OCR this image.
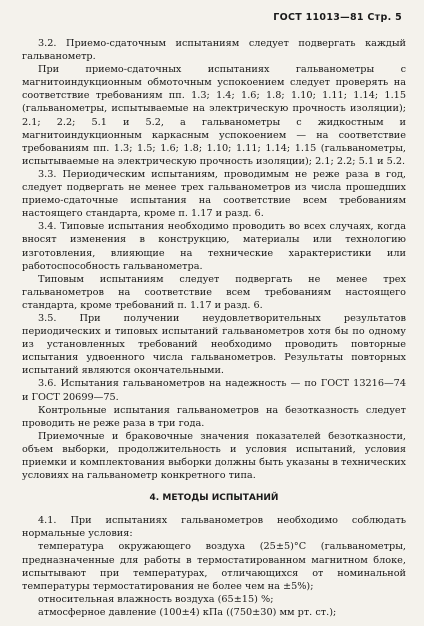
ГОСТ 11013—81 Стр. 5

3.2. Приемо-сдаточным испытаниям следует подвергать каждый гальванометр.

При приемо-сдаточных испытаниях гальванометры с магнитоиндукционным обмоточным успокоением следует проверять на соответствие требованиям пп. 1.3; 1.4; 1.6; 1.8; 1.10; 1.11; 1.14; 1.15 (гальванометры, испытываемые на электрическую прочность изоляции); 2.1; 2.2; 5.1 и 5.2, а гальванометры с жидкостным и магнитоиндукционным каркасным успокоением — на соответствие требованиям пп. 1.3; 1.5; 1.6; 1.8; 1.10; 1.11; 1.14; 1.15 (гальванометры, испытываемые на электрическую прочность изоляции); 2.1; 2.2; 5.1 и 5.2.

3.3. Периодическим испытаниям, проводимым не реже раза в год, следует подвергать не менее трех гальванометров из числа прошедших приемо-сдаточные испытания на соответствие всем требованиям настоящего стандарта, кроме п. 1.17 и разд. 6.

3.4. Типовые испытания необходимо проводить во всех случаях, когда вносят изменения в конструкцию, материалы или технологию изготовления, влияющие на технические характеристики или работоспособность гальванометра.

Типовым испытаниям следует подвергать не менее трех гальванометров на соответствие всем требованиям настоящего стандарта, кроме требований п. 1.17 и разд. 6.

3.5. При получении неудовлетворительных результатов периодических и типовых испытаний гальванометров хотя бы по одному из установленных требований необходимо проводить повторные испытания удвоенного числа гальванометров. Результаты повторных испытаний являются окончательными.

3.6. Испытания гальванометров на надежность — по ГОСТ 13216—74 и ГОСТ 20699—75.

Контрольные испытания гальванометров на безотказность следует проводить не реже раза в три года.

Приемочные и браковочные значения показателей безотказности, объем выборки, продолжительность и условия испытаний, условия приемки и комплектования выборки должны быть указаны в технических условиях на гальванометр конкретного типа.

4. МЕТОДЫ ИСПЫТАНИЙ

4.1. При испытаниях гальванометров необходимо соблюдать нормальные условия:

температура окружающего воздуха (25±5)°С (гальванометры, предназначенные для работы в термостатированном магнитном блоке, испытывают при температурах, отличающихся от номинальной температуры термостатирования не более чем на ±5%);

относительная влажность воздуха (65±15) %;

атмосферное давление (100±4) кПа ((750±30) мм рт. ст.);
